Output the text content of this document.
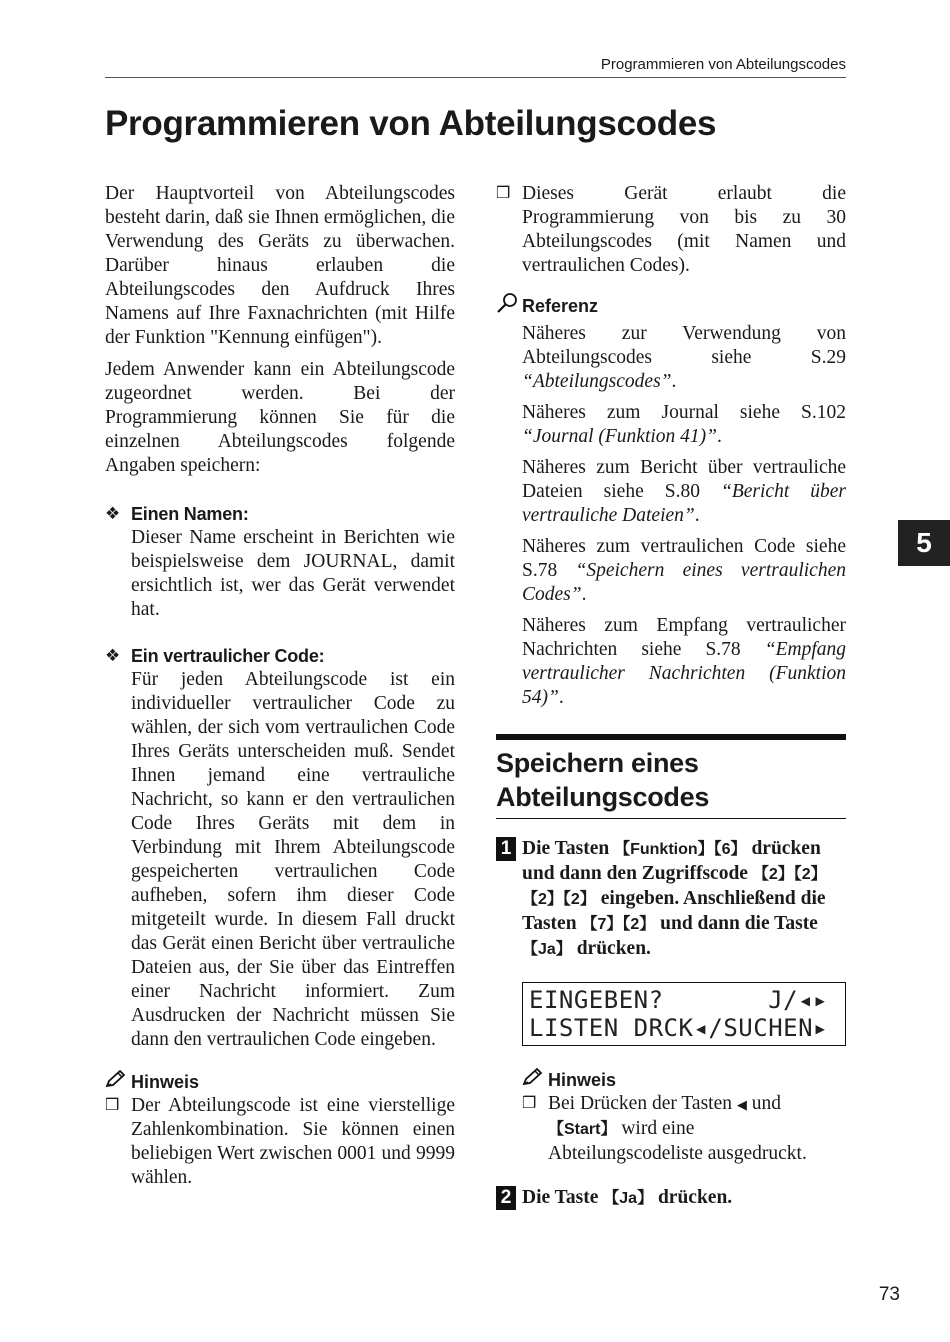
Programmieren von Abteilungscodes
Programmieren von Abteilungscodes

Der Hauptvorteil von Abteilungscodes besteht darin, daß sie Ihnen ermöglichen, die Verwendung des Geräts zu überwachen. Darüber hinaus erlauben die Abteilungscodes den Aufdruck Ihres Namens auf Ihre Faxnachrichten (mit Hilfe der Funktion "Kennung einfügen").

Jedem Anwender kann ein Abteilungscode zugeordnet werden. Bei der Programmierung können Sie für die einzelnen Abteilungscodes folgende Angaben speichern:

❖ Einen Namen:

Dieser Name erscheint in Berichten wie beispielsweise dem JOURNAL, damit ersichtlich ist, wer das Gerät verwendet hat.

❖ Ein vertraulicher Code:

Für jeden Abteilungscode ist ein individueller vertraulicher Code zu wählen, der sich vom vertraulichen Code Ihres Geräts unterscheiden muß. Sendet Ihnen jemand eine vertrauliche Nachricht, so kann er den vertraulichen Code Ihres Geräts mit dem in Verbindung mit Ihrem Abteilungscode gespeicherten vertraulichen Code aufheben, sofern ihm dieser Code mitgeteilt wurde. In diesem Fall druckt das Gerät einen Bericht über vertrauliche Dateien aus, der Sie über das Eintreffen einer Nachricht informiert. Zum Ausdrucken der Nachricht müssen Sie dann den vertraulichen Code eingeben.

Hinweis
❒ Der Abteilungscode ist eine vierstellige Zahlenkombination. Sie können einen beliebigen Wert zwischen 0001 und 9999 wählen.
❒ Dieses Gerät erlaubt die Programmierung von bis zu 30 Abteilungscodes (mit Namen und vertraulichen Codes).
Referenz

Näheres zur Verwendung von Abteilungscodes siehe S.29 “Abteilungscodes”.

Näheres zum Journal siehe S.102 “Journal (Funktion 41)”.

Näheres zum Bericht über vertrauliche Dateien siehe S.80 “Bericht über vertrauliche Dateien”.

Näheres zum vertraulichen Code siehe S.78 “Speichern eines vertraulichen Codes”.

Näheres zum Empfang vertraulicher Nachrichten siehe S.78 “Empfang vertraulicher Nachrichten (Funktion 54)”.

Speichern eines
Abteilungscodes
1 Die Tasten 【Funktion】【6】 drücken und dann den Zugriffscode 【2】【2】【2】【2】 eingeben. Anschließend die Tasten 【7】【2】 und dann die Taste 【Ja】 drücken.
EINGEBEN?       J/◂▸
LISTEN DRCK◂/SUCHEN▸
Hinweis
❒ Bei Drücken der Tasten ◀ und 【Start】 wird eine Abteilungscodeliste ausgedruckt.
2 Die Taste 【Ja】 drücken.
5
73
